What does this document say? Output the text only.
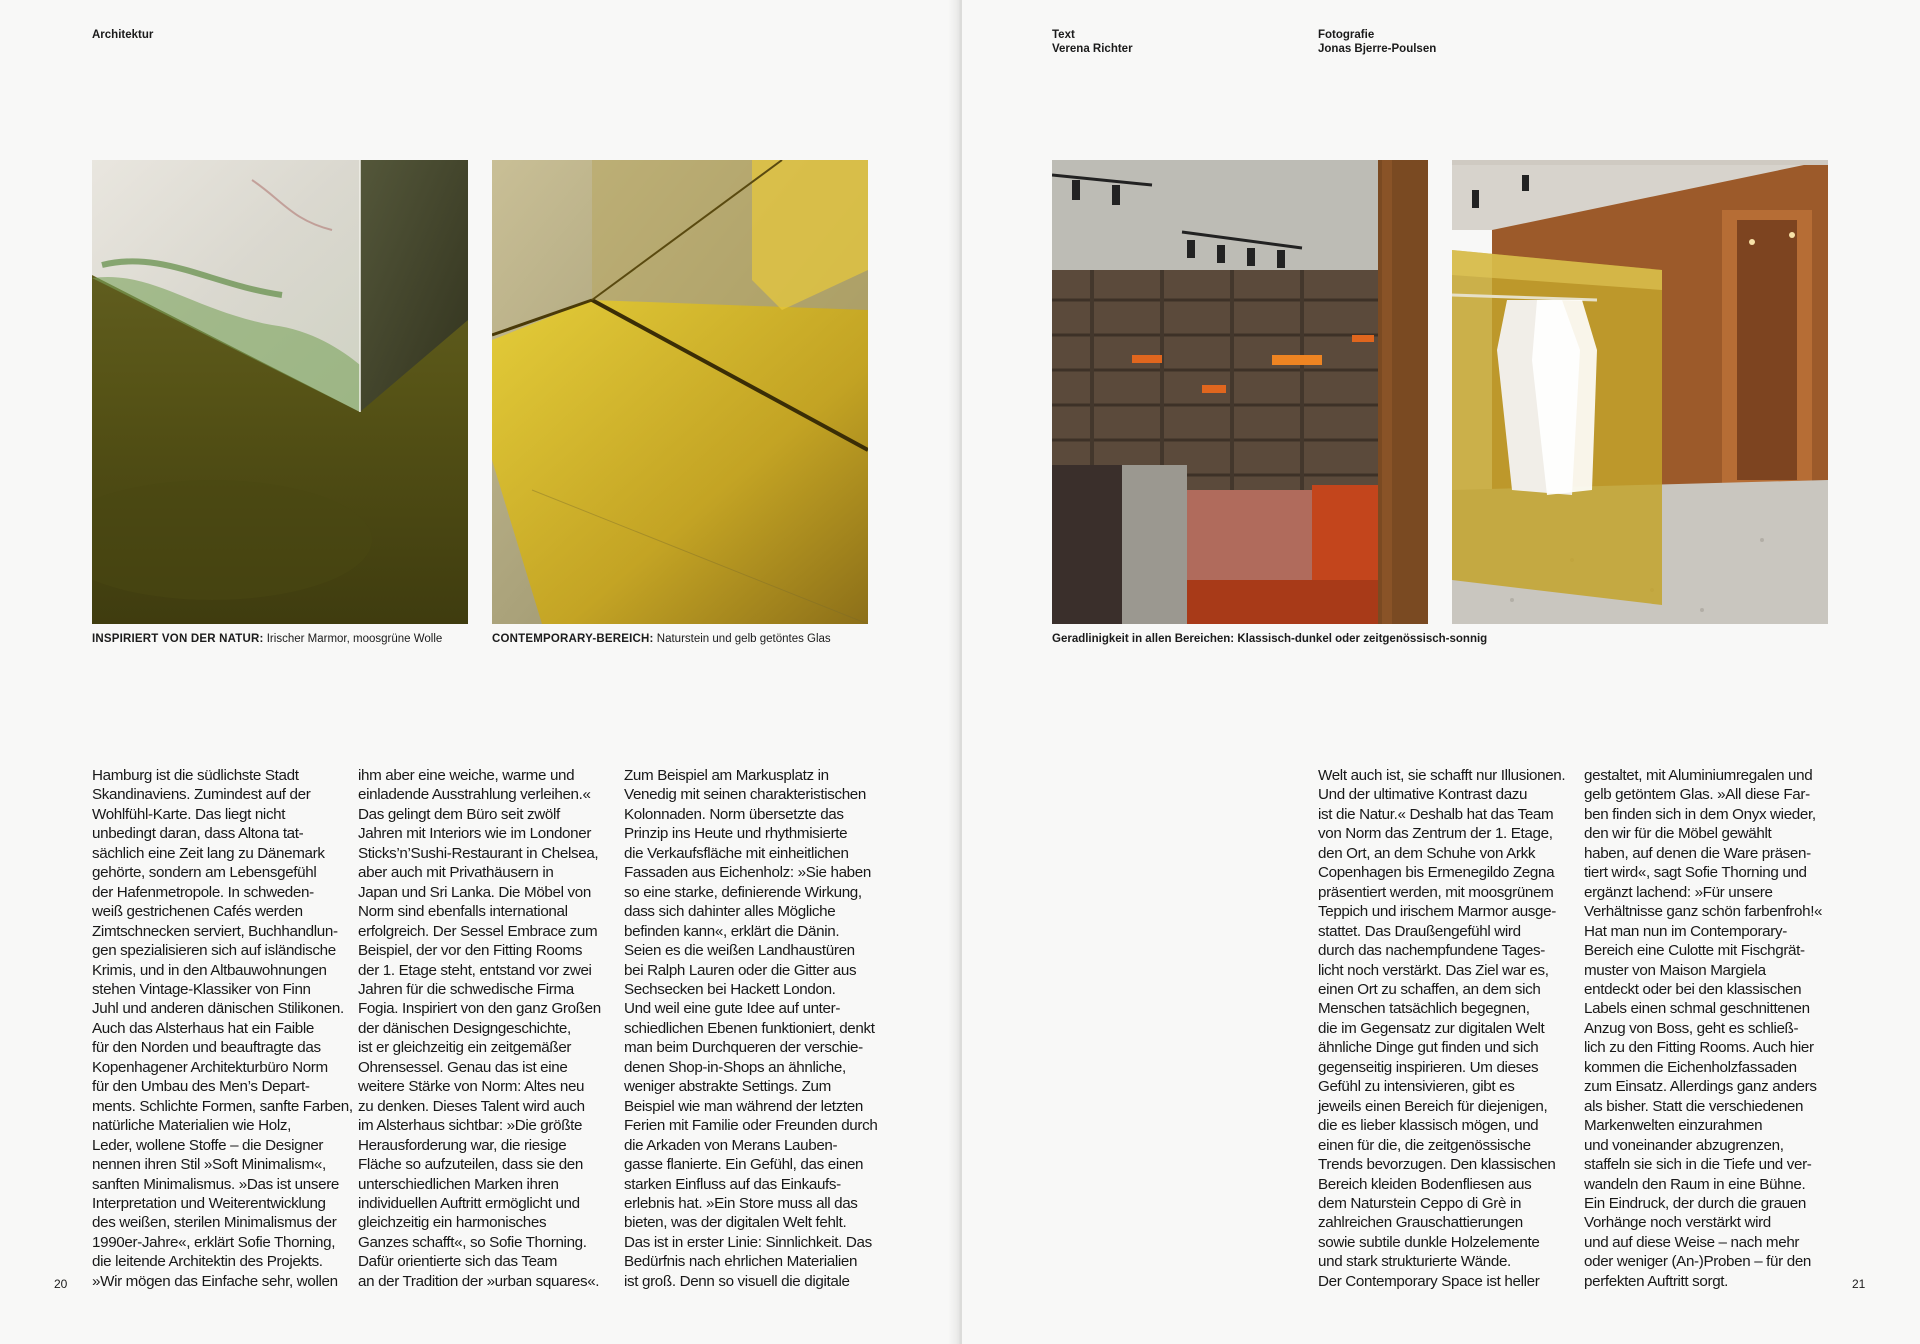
Architektur
INSPIRIERT VON DER NATUR: Irischer Marmor, moosgrüne Wolle	CONTEMPORARY-BEREICH: Naturstein und gelb getöntes Glas
Hamburg ist die südlichste Stadt
Skandinaviens. Zumindest auf der
Wohlfühl-Karte. Das liegt nicht
unbedingt daran, dass Altona tat-
sächlich eine Zeit lang zu Dänemark
gehörte, sondern am Lebensgefühl
der Hafenmetropole. In schweden-
weiß gestrichenen Cafés werden
Zimtschnecken serviert, Buchhandlun-
gen spezialisieren sich auf isländische
Krimis, und in den Altbauwohnungen
stehen Vintage-Klassiker von Finn
Juhl und anderen dänischen Stilikonen.
Auch das Alsterhaus hat ein Faible
für den Norden und beauftragte das
Kopenhagener Architekturbüro Norm
für den Umbau des Men’s Depart-
ments. Schlichte Formen, sanfte Farben,
natürliche Materialien wie Holz,
Leder, wollene Stoffe – die Designer
nennen ihren Stil »Soft Minimalism«,
sanften Minimalismus. »Das ist unsere
Interpretation und Weiterentwicklung
des weißen, sterilen Minimalismus der
1990er-Jahre«, erklärt Sofie Thorning,
die leitende Architektin des Projekts.
»Wir mögen das Einfache sehr, wollen
ihm aber eine weiche, warme und
einladende Ausstrahlung verleihen.«
Das gelingt dem Büro seit zwölf
Jahren mit Interiors wie im Londoner
Sticks’n’Sushi-Restaurant in Chelsea,
aber auch mit Privathäusern in
Japan und Sri Lanka. Die Möbel von
Norm sind ebenfalls international
erfolgreich. Der Sessel Embrace zum
Beispiel, der vor den Fitting Rooms
der 1. Etage steht, entstand vor zwei
Jahren für die schwedische Firma
Fogia. Inspiriert von den ganz Großen
der dänischen Designgeschichte,
ist er gleichzeitig ein zeitgemäßer
Ohrensessel. Genau das ist eine
weitere Stärke von Norm: Altes neu
zu denken. Dieses Talent wird auch
im Alsterhaus sichtbar: »Die größte
Herausforderung war, die riesige
Fläche so aufzuteilen, dass sie den
unterschiedlichen Marken ihren
individuellen Auftritt ermöglicht und
gleichzeitig ein harmonisches
Ganzes schafft«, so Sofie Thorning.
Dafür orientierte sich das Team
an der Tradition der »urban squares«.
Zum Beispiel am Markusplatz in
Venedig mit seinen charakteristischen
Kolonnaden. Norm übersetzte das
Prinzip ins Heute und rhythmisierte
die Verkaufsfläche mit einheitlichen
Fassaden aus Eichenholz: »Sie haben
so eine starke, definierende Wirkung,
dass sich dahinter alles Mögliche
befinden kann«, erklärt die Dänin.
Seien es die weißen Landhaustüren
bei Ralph Lauren oder die Gitter aus
Sechsecken bei Hackett London.
Und weil eine gute Idee auf unter-
schiedlichen Ebenen funktioniert, denkt
man beim Durchqueren der verschie-
denen Shop-in-Shops an ähnliche,
weniger abstrakte Settings. Zum
Beispiel wie man während der letzten
Ferien mit Familie oder Freunden durch
die Arkaden von Merans Lauben-
gasse flanierte. Ein Gefühl, das einen
starken Einfluss auf das Einkaufs-
erlebnis hat. »Ein Store muss all das
bieten, was der digitalen Welt fehlt.
Das ist in erster Linie: Sinnlichkeit. Das
Bedürfnis nach ehrlichen Materialien
ist groß. Denn so visuell die digitale
20
Text
Verena Richter
Fotografie
Jonas Bjerre-Poulsen
Geradlinigkeit in allen Bereichen: Klassisch-dunkel oder zeitgenössisch-sonnig
Welt auch ist, sie schafft nur Illusionen.
Und der ultimative Kontrast dazu
ist die Natur.« Deshalb hat das Team
von Norm das Zentrum der 1. Etage,
den Ort, an dem Schuhe von Arkk
Copenhagen bis Ermenegildo Zegna
präsentiert werden, mit moosgrünem
Teppich und irischem Marmor ausge-
stattet. Das Draußengefühl wird
durch das nachempfundene Tages-
licht noch verstärkt. Das Ziel war es,
einen Ort zu schaffen, an dem sich
Menschen tatsächlich begegnen,
die im Gegensatz zur digitalen Welt
ähnliche Dinge gut finden und sich
gegenseitig inspirieren. Um dieses
Gefühl zu intensivieren, gibt es
jeweils einen Bereich für diejenigen,
die es lieber klassisch mögen, und
einen für die, die zeitgenössische
Trends bevorzugen. Den klassischen
Bereich kleiden Bodenfliesen aus
dem Naturstein Ceppo di Grè in
zahlreichen Grauschattierungen
sowie subtile dunkle Holzelemente
und stark strukturierte Wände.
Der Contemporary Space ist heller
gestaltet, mit Aluminiumregalen und
gelb getöntem Glas. »All diese Far-
ben finden sich in dem Onyx wieder,
den wir für die Möbel gewählt
haben, auf denen die Ware präsen-
tiert wird«, sagt Sofie Thorning und
ergänzt lachend: »Für unsere
Verhältnisse ganz schön farbenfroh!«
Hat man nun im Contemporary-
Bereich eine Culotte mit Fischgrät-
muster von Maison Margiela
entdeckt oder bei den klassischen
Labels einen schmal geschnittenen
Anzug von Boss, geht es schließ-
lich zu den Fitting Rooms. Auch hier
kommen die Eichenholzfassaden
zum Einsatz. Allerdings ganz anders
als bisher. Statt die verschiedenen
Markenwelten einzurahmen
und voneinander abzugrenzen,
staffeln sie sich in die Tiefe und ver-
wandeln den Raum in eine Bühne.
Ein Eindruck, der durch die grauen
Vorhänge noch verstärkt wird
und auf diese Weise – nach mehr
oder weniger (An-)Proben – für den
perfekten Auftritt sorgt.	21
